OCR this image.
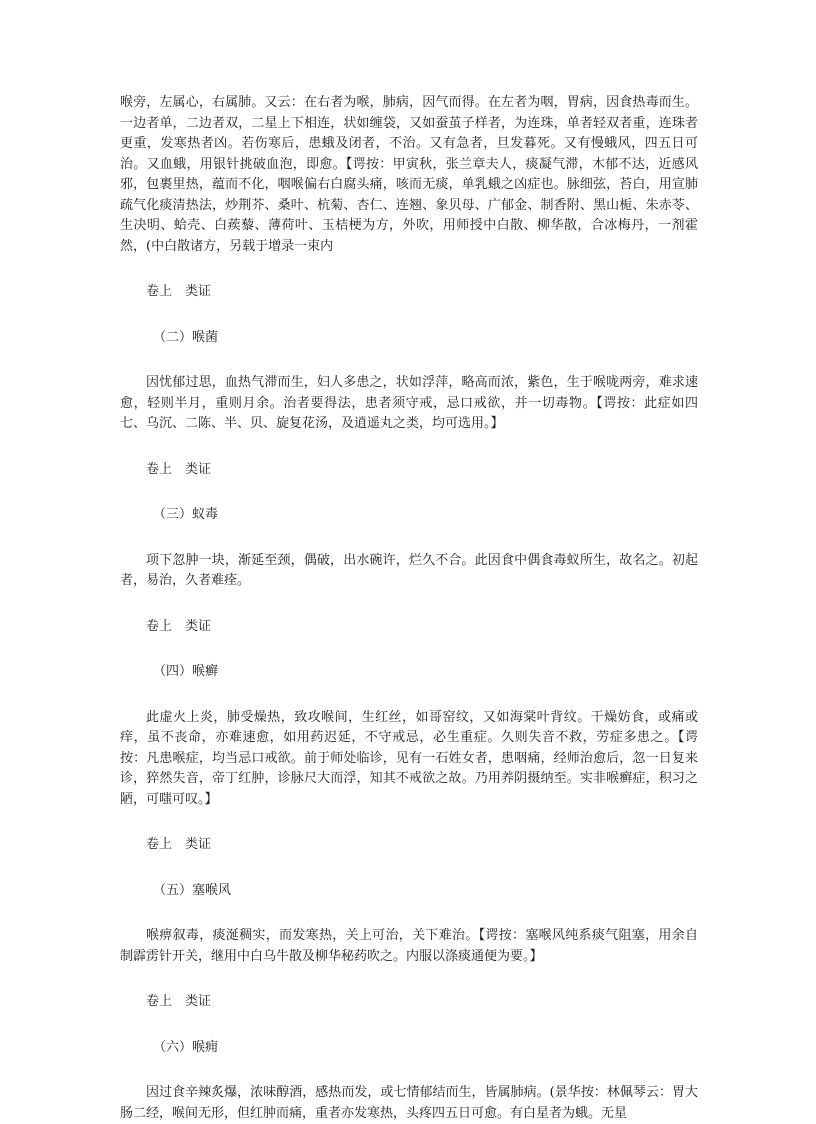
喉旁，左属心，右属肺。又云：在右者为喉，肺病，因气而得。在左者为咽，胃病，因食热毒而生。一边者单，二边者双，二星上下相连，状如缠袋，又如蚕茧子样者，为连珠，单者轻双者重，连珠者更重，发寒热者凶。若伤寒后，患蛾及闭者，不治。又有急者，旦发暮死。又有慢蛾风，四五日可治。又血蛾，用银针挑破血泡，即愈。【谔按：甲寅秋，张兰章夫人，痰凝气滞，木郁不达，近感风邪，包裹里热，蕴而不化，咽喉偏右白腐头痛，咳而无痰，单乳蛾之凶症也。脉细弦，苔白，用宣肺疏气化痰清热法，炒荆芥、桑叶、杭菊、杏仁、连翘、象贝母、广郁金、制香附、黑山栀、朱赤苓、生决明、蛤壳、白蒺藜、薄荷叶、玉桔梗为方，外吹，用师授中白散、柳华散，合冰梅丹，一剂霍然，(中白散诸方，另载于增录一束内

卷上　类证

（二）喉菌

因忧郁过思，血热气滞而生，妇人多患之，状如浮萍，略高而浓，紫色，生于喉咙两旁，难求速愈，轻则半月，重则月余。治者要得法，患者须守戒，忌口戒欲，并一切毒物。【谔按：此症如四七、乌沉、二陈、半、贝、旋复花汤，及逍遥丸之类，均可选用。】

卷上　类证

（三）蚁毒

项下忽肿一块，渐延至颈，偶破，出水碗许，烂久不合。此因食中偶食毒蚁所生，故名之。初起者，易治，久者难痊。

卷上　类证

（四）喉癣

此虚火上炎，肺受燥热，致攻喉间，生红丝，如哥窑纹，又如海棠叶背纹。干燥妨食，或痛或痒，虽不丧命，亦难速愈，如用药迟延，不守戒忌，必生重症。久则失音不救，劳症多患之。【谔按：凡患喉症，均当忌口戒欲。前于师处临诊，见有一石姓女者，患咽痛，经师治愈后，忽一日复来诊，猝然失音，帝丁红肿，诊脉尺大而浮，知其不戒欲之故。乃用养阴摄纳至。实非喉癣症，积习之陋，可嗤可叹。】

卷上　类证

（五）塞喉风

喉痹叙毒，痰涎稠实，而发寒热，关上可治，关下难治。【谔按：塞喉风纯系痰气阻塞，用余自制霹雳针开关，继用中白乌牛散及柳华秘药吹之。内服以涤痰通便为要。】

卷上　类证

（六）喉痈

因过食辛辣炙爆，浓味醇酒，感热而发，或七情郁结而生，皆属肺病。(景华按：林佩琴云：胃大肠二经，喉间无形，但红肿而痛，重者亦发寒热，头疼四五日可愈。有白星者为蛾。无星
